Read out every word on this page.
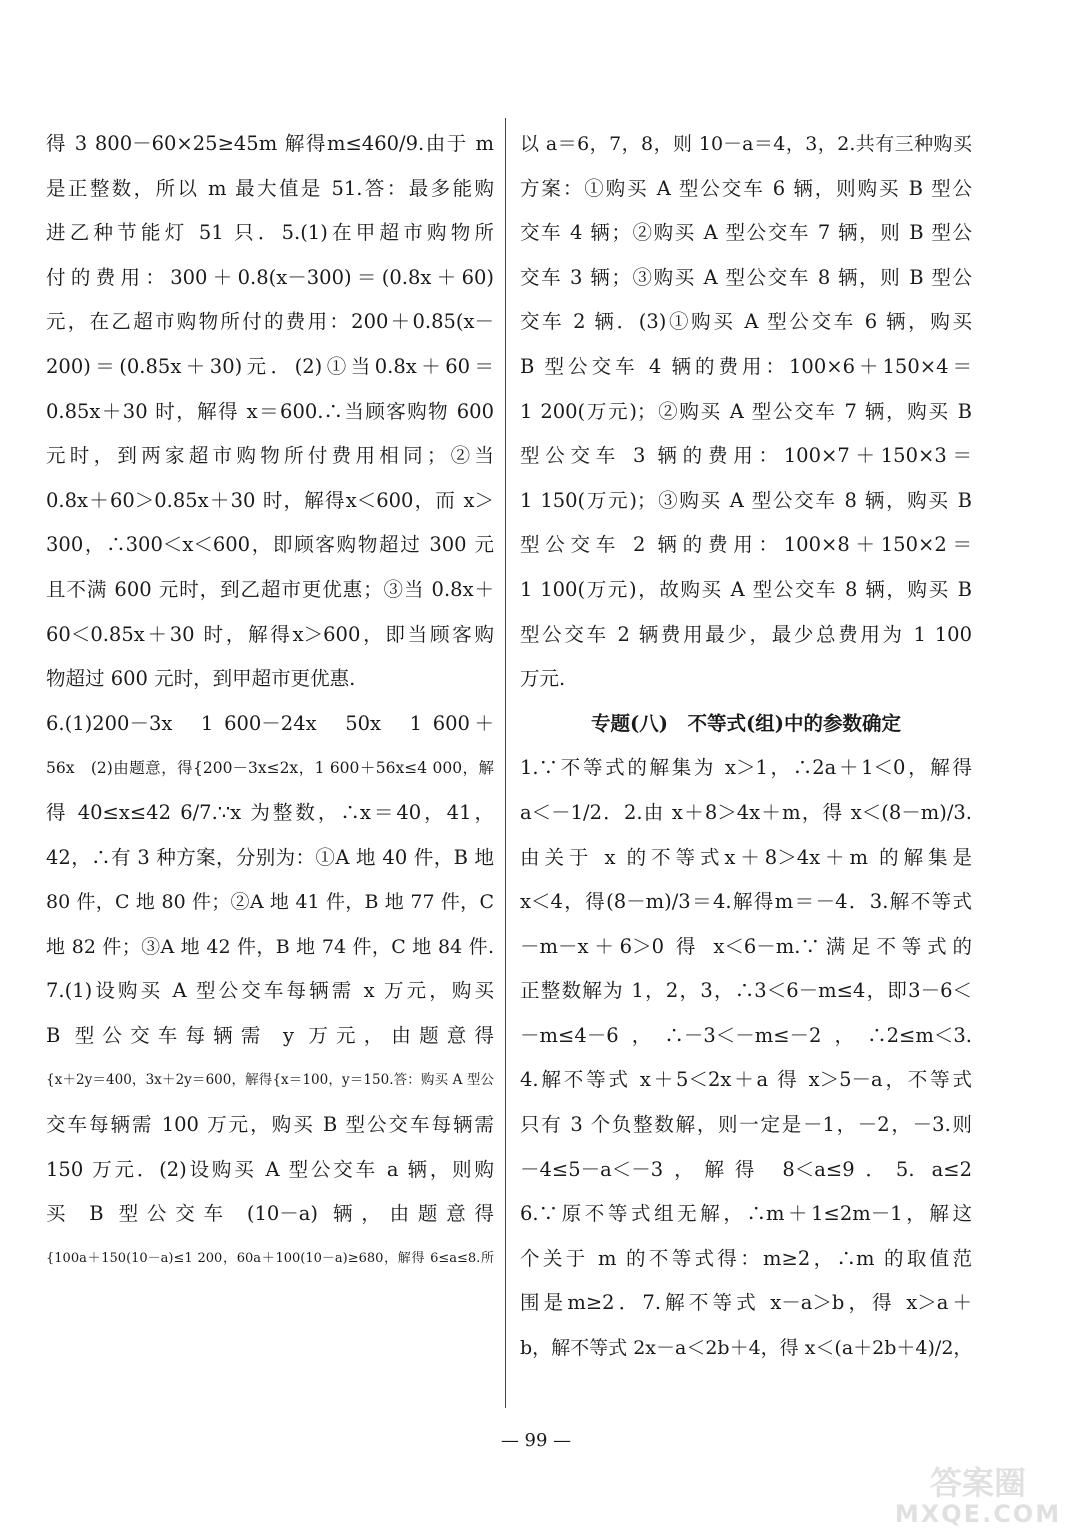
得 3 800－60×25≥45m 解得m≤460/9.由于 m
是正整数，所以 m 最大值是 51.答：最多能购
进乙种节能灯 51 只．5.(1)在甲超市购物所
付的费用：300＋0.8(x－300)＝(0.8x＋60)
元，在乙超市购物所付的费用：200＋0.85(x－
200)＝(0.85x＋30)元．(2)①当0.8x＋60＝
0.85x＋30 时，解得 x＝600.∴当顾客购物 600
元时，到两家超市购物所付费用相同；②当
0.8x＋60＞0.85x＋30 时，解得x＜600，而 x＞
300，∴300＜x＜600，即顾客购物超过 300 元
且不满 600 元时，到乙超市更优惠；③当 0.8x＋
60＜0.85x＋30 时，解得x＞600，即当顾客购
物超过 600 元时，到甲超市更优惠.
6.(1)200－3x　1 600－24x　50x　1 600＋
56x　(2)由题意，得{200－3x≤2x，1 600＋56x≤4 000，解
得 40≤x≤42 6/7.∵x 为整数，∴x＝40，41，
42，∴有 3 种方案，分别为：①A 地 40 件，B 地
80 件，C 地 80 件；②A 地 41 件，B 地 77 件，C
地 82 件；③A 地 42 件，B 地 74 件，C 地 84 件.
7.(1)设购买 A 型公交车每辆需 x 万元，购买
B 型公交车每辆需 y 万元，由题意得
{x＋2y＝400，3x＋2y＝600，解得{x＝100，y＝150.答：购买 A 型公
交车每辆需 100 万元，购买 B 型公交车每辆需
150 万元．(2)设购买 A 型公交车 a 辆，则购
买 B 型公交车 (10－a) 辆，由题意得
{100a＋150(10－a)≤1 200，60a＋100(10－a)≥680，解得 6≤a≤8.所
以 a＝6，7，8，则 10－a＝4，3，2.共有三种购买
方案：①购买 A 型公交车 6 辆，则购买 B 型公
交车 4 辆；②购买 A 型公交车 7 辆，则 B 型公
交车 3 辆；③购买 A 型公交车 8 辆，则 B 型公
交车 2 辆．(3)①购买 A 型公交车 6 辆，购买
B 型公交车 4 辆的费用：100×6＋150×4＝
1 200(万元)；②购买 A 型公交车 7 辆，购买 B
型公交车 3 辆的费用：100×7＋150×3＝
1 150(万元)；③购买 A 型公交车 8 辆，购买 B
型公交车 2 辆的费用：100×8＋150×2＝
1 100(万元)，故购买 A 型公交车 8 辆，购买 B
型公交车 2 辆费用最少，最少总费用为 1 100
万元.
专题(八)　不等式(组)中的参数确定
1.∵不等式的解集为 x＞1，∴2a＋1＜0，解得
a＜－1/2．2.由 x＋8＞4x＋m，得 x＜(8－m)/3.
由关于 x 的不等式x＋8＞4x＋m 的解集是
x＜4，得(8－m)/3＝4.解得m＝－4．3.解不等式
－m－x＋6＞0 得 x＜6－m.∵满足不等式的
正整数解为 1，2，3，∴3＜6－m≤4，即3－6＜
－m≤4－6，∴－3＜－m≤－2，∴2≤m＜3.
4.解不等式 x＋5＜2x＋a 得 x＞5－a，不等式
只有 3 个负整数解，则一定是－1，－2，－3.则
－4≤5－a＜－3，解得 8＜a≤9．5. a≤2
6.∵原不等式组无解，∴m＋1≤2m－1，解这
个关于 m 的不等式得：m≥2，∴m 的取值范
围是m≥2．7.解不等式 x－a＞b，得 x＞a＋
b，解不等式 2x－a＜2b＋4，得 x＜(a＋2b＋4)/2，
— 99 —
答案圈
MXQE.COM
